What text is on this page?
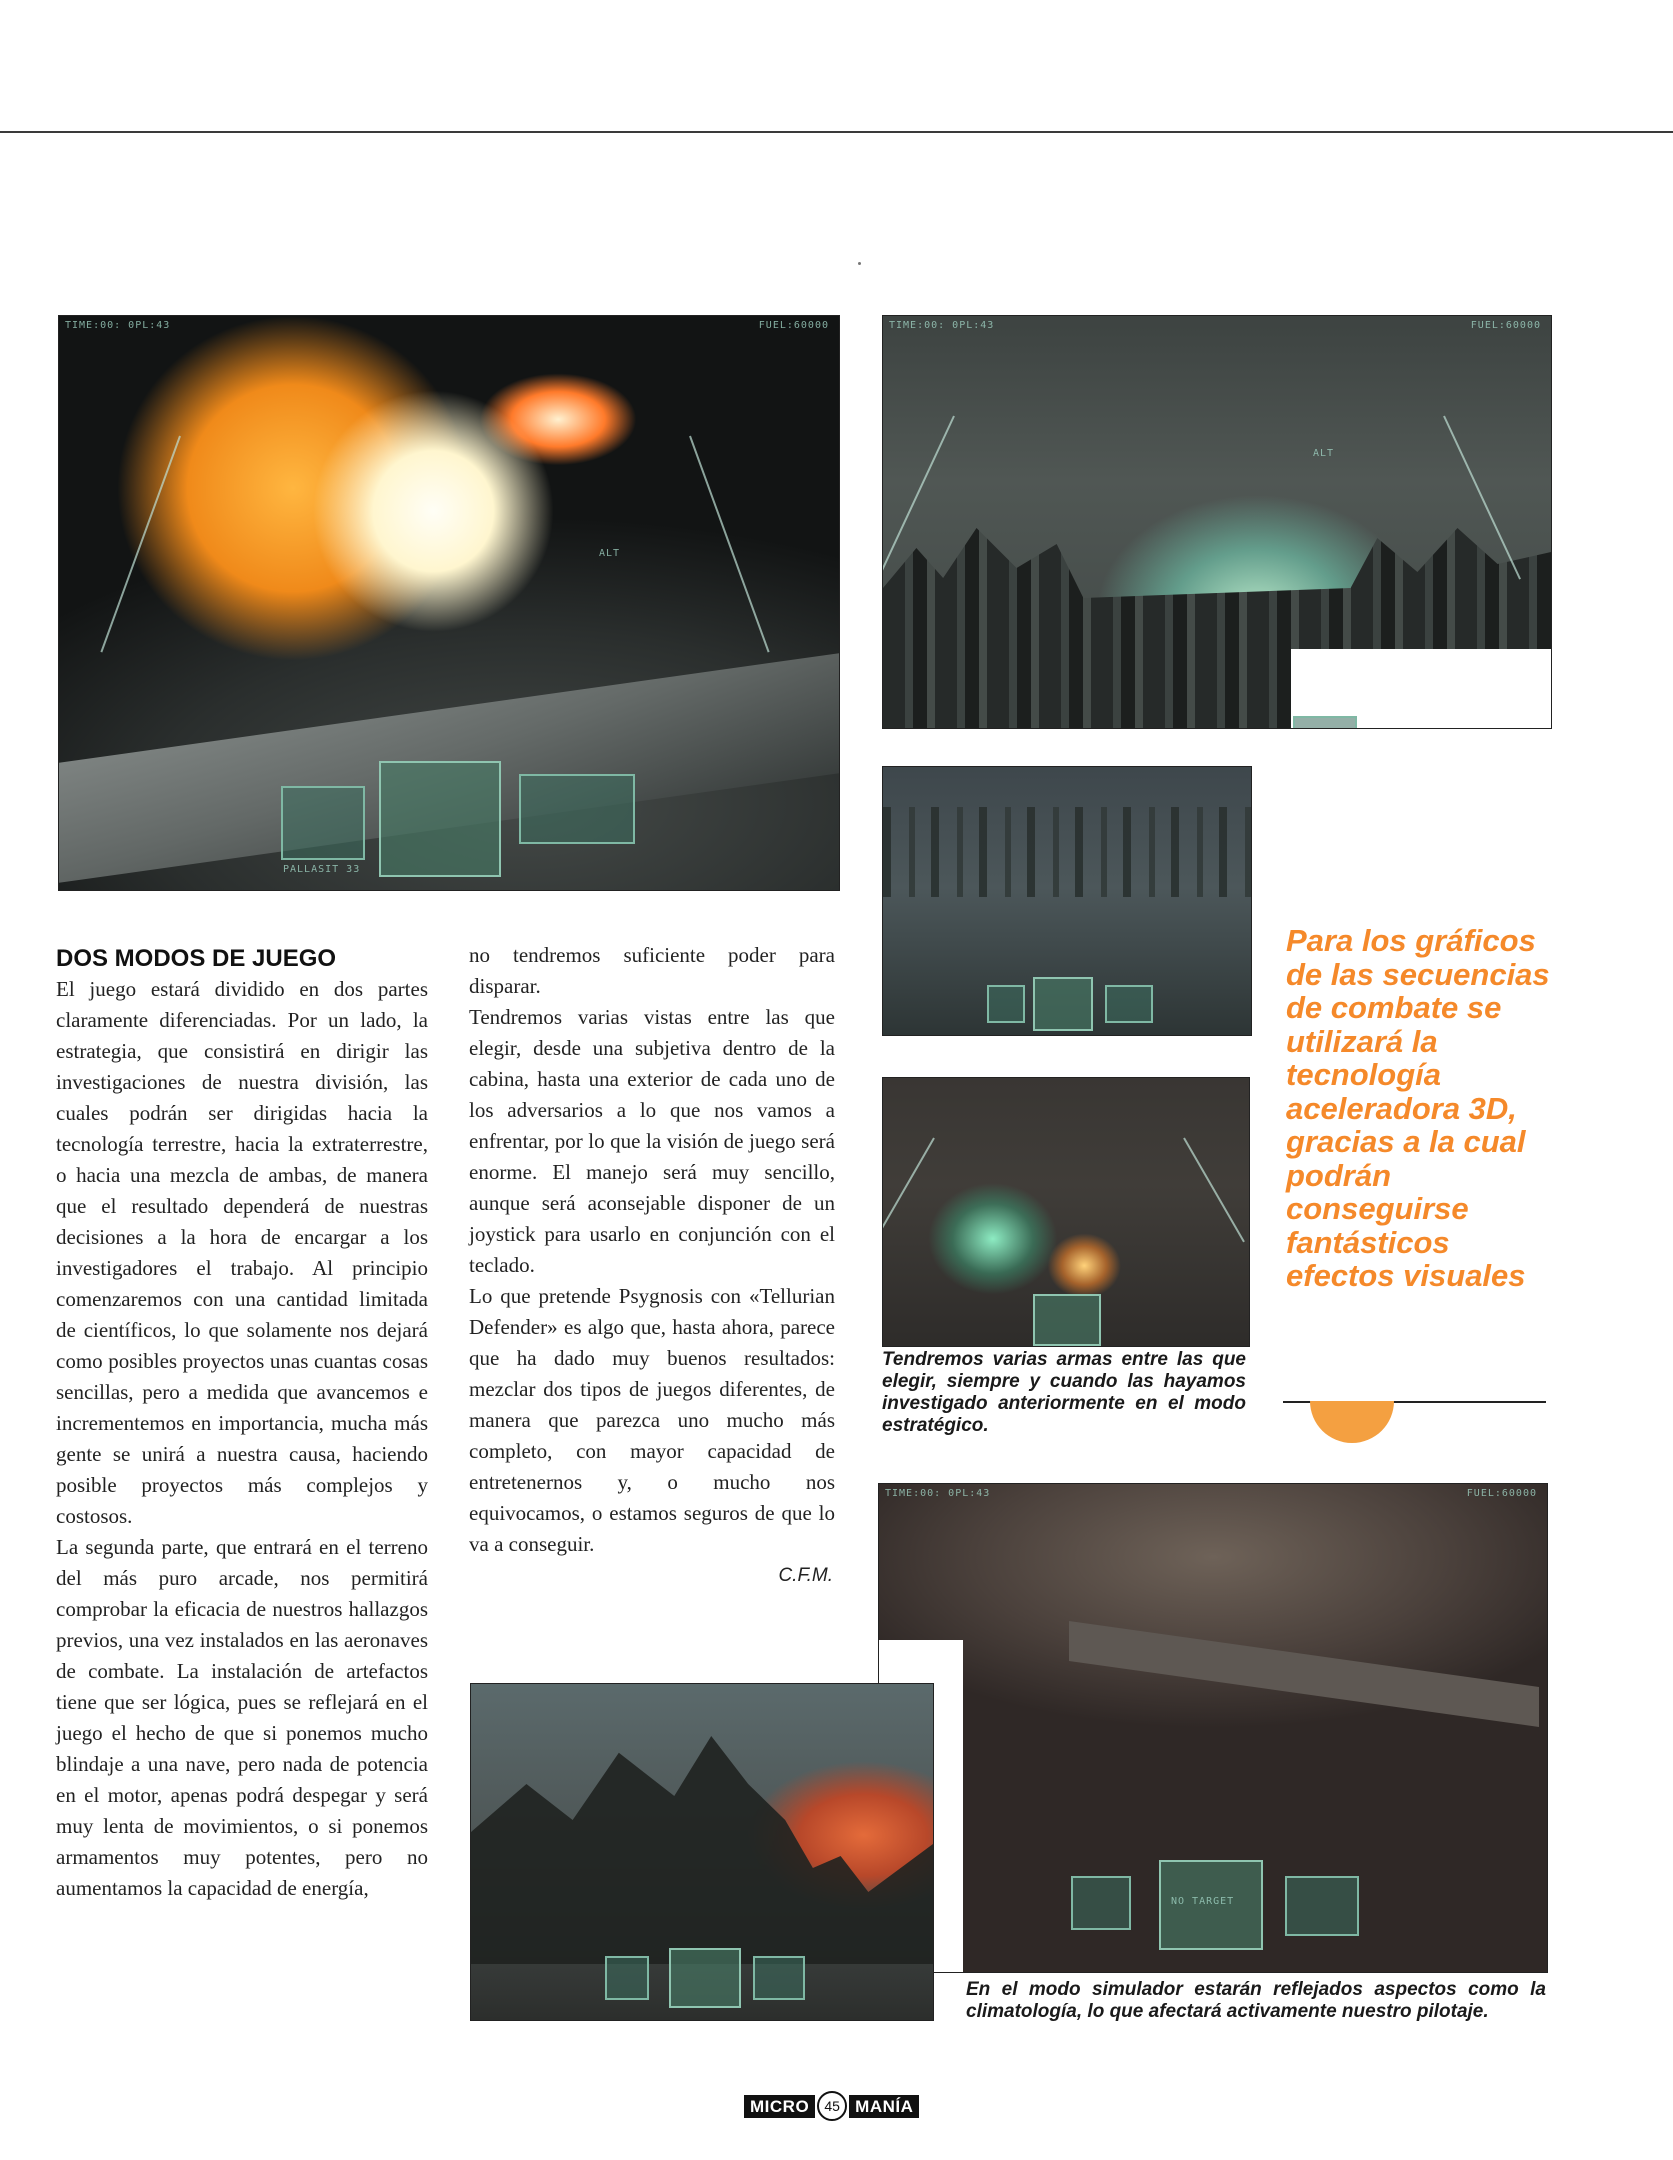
TIME:00: 0PL:43	FUEL:60000
ALT
PALLASIT 33
TIME:00: 0PL:43	FUEL:60000
ALT
Tendremos varias armas entre las que elegir, siempre y cuando las hayamos investigado anteriormente en el modo estratégico.
Para los gráficos de las secuencias de combate se utilizará la tecnología aceleradora 3D, gracias a la cual podrán conseguirse fantásticos efectos visuales
TIME:00: 0PL:43	FUEL:60000
NO TARGET
En el modo simulador estarán reflejados aspectos como la climatología, lo que afectará activamente nuestro pilotaje.
DOS MODOS DE JUEGO

El juego estará dividido en dos partes claramente diferenciadas. Por un lado, la estrategia, que consistirá en dirigir las investigaciones de nuestra división, las cuales podrán ser dirigidas hacia la tecnología terrestre, hacia la extraterrestre, o hacia una mezcla de ambas, de manera que el resultado dependerá de nuestras decisiones a la hora de encargar a los investigadores el trabajo. Al principio comenzaremos con una cantidad limitada de científicos, lo que solamente nos dejará como posibles proyectos unas cuantas cosas sencillas, pero a medida que avancemos e incrementemos en importancia, mucha más gente se unirá a nuestra causa, haciendo posible proyectos más complejos y costosos.

La segunda parte, que entrará en el terreno del más puro arcade, nos permitirá comprobar la eficacia de nuestros hallazgos previos, una vez instalados en las aeronaves de combate. La instalación de artefactos tiene que ser lógica, pues se reflejará en el juego el hecho de que si ponemos mucho blindaje a una nave, pero nada de potencia en el motor, apenas podrá despegar y será muy lenta de movimientos, o si ponemos armamentos muy potentes, pero no aumentamos la capacidad de energía,

no tendremos suficiente poder para disparar.

Tendremos varias vistas entre las que elegir, desde una subjetiva dentro de la cabina, hasta una exterior de cada uno de los adversarios a lo que nos vamos a enfrentar, por lo que la visión de juego será enorme. El manejo será muy sencillo, aunque será aconsejable disponer de un joystick para usarlo en conjunción con el teclado.

Lo que pretende Psygnosis con «Tellurian Defender» es algo que, hasta ahora, parece que ha dado muy buenos resultados: mezclar dos tipos de juegos diferentes, de manera que parezca uno mucho más completo, con mayor capacidad de entretenernos y, o mucho nos equivocamos, o estamos seguros de que lo va a conseguir.

C.F.M.
MICRO	45 MANÍA
